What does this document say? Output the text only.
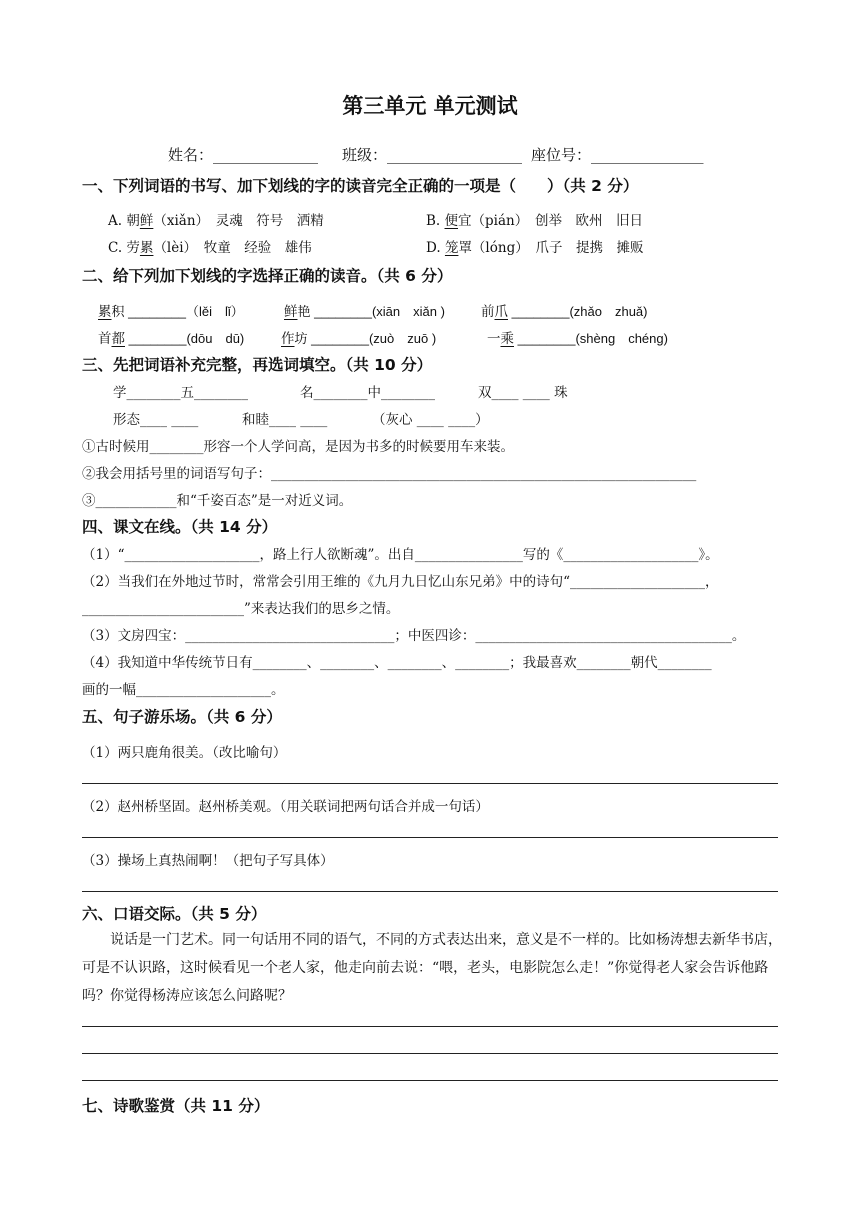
第三单元 单元测试
姓名：______________ 班级：__________________ 座位号：_______________
一、下列词语的书写、加下划线的字的读音完全正确的一项是（　　）（共 2 分）
A. 朝鲜（xiǎn）　灵魂　符号　洒精	B. 便宜（pián）　创举　欧州　旧日
C. 劳累（lèi）　牧童　经验　雄伟	D. 笼罩（lóng）　爪子　提携　摊贩
二、给下列加下划线的字选择正确的读音。（共 6 分）
累积 ________（lěi　lǐ）	鲜艳 ________(xiān　xiǎn )	前爪 ________(zhǎo　zhuǎ)
首都 ________(dōu　dū)	作坊 ________(zuò　zuō )	一乘 ________(shèng　chéng)
三、先把词语补充完整，再选词填空。（共 10 分）
学________五________	名________中________	双____ ____ 珠
形态____ ____	和睦____ ____	（灰心 ____ ____）
①古时候用________形容一个人学问高，是因为书多的时候要用车来装。
②我会用括号里的词语写句子：_______________________________________________________________
③____________和“千姿百态”是一对近义词。
四、课文在线。（共 14 分）
（1）“____________________，路上行人欲断魂”。出自________________写的《____________________》。
（2）当我们在外地过节时，常常会引用王维的《九月九日忆山东兄弟》中的诗句“____________________，
________________________”来表达我们的思乡之情。
（3）文房四宝：_______________________________；中医四诊：______________________________________。
（4）我知道中华传统节日有________、________、________、________；我最喜欢________朝代________
画的一幅____________________。
五、句子游乐场。（共 6 分）
（1）两只鹿角很美。（改比喻句）
（2）赵州桥坚固。赵州桥美观。（用关联词把两句话合并成一句话）
（3）操场上真热闹啊！（把句子写具体）
六、口语交际。（共 5 分）
说话是一门艺术。同一句话用不同的语气，不同的方式表达出来，意义是不一样的。比如杨涛想去新华书店，可是不认识路，这时候看见一个老人家，他走向前去说：“喂，老头，电影院怎么走！”你觉得老人家会告诉他路吗？你觉得杨涛应该怎么问路呢？
七、诗歌鉴赏（共 11 分）
